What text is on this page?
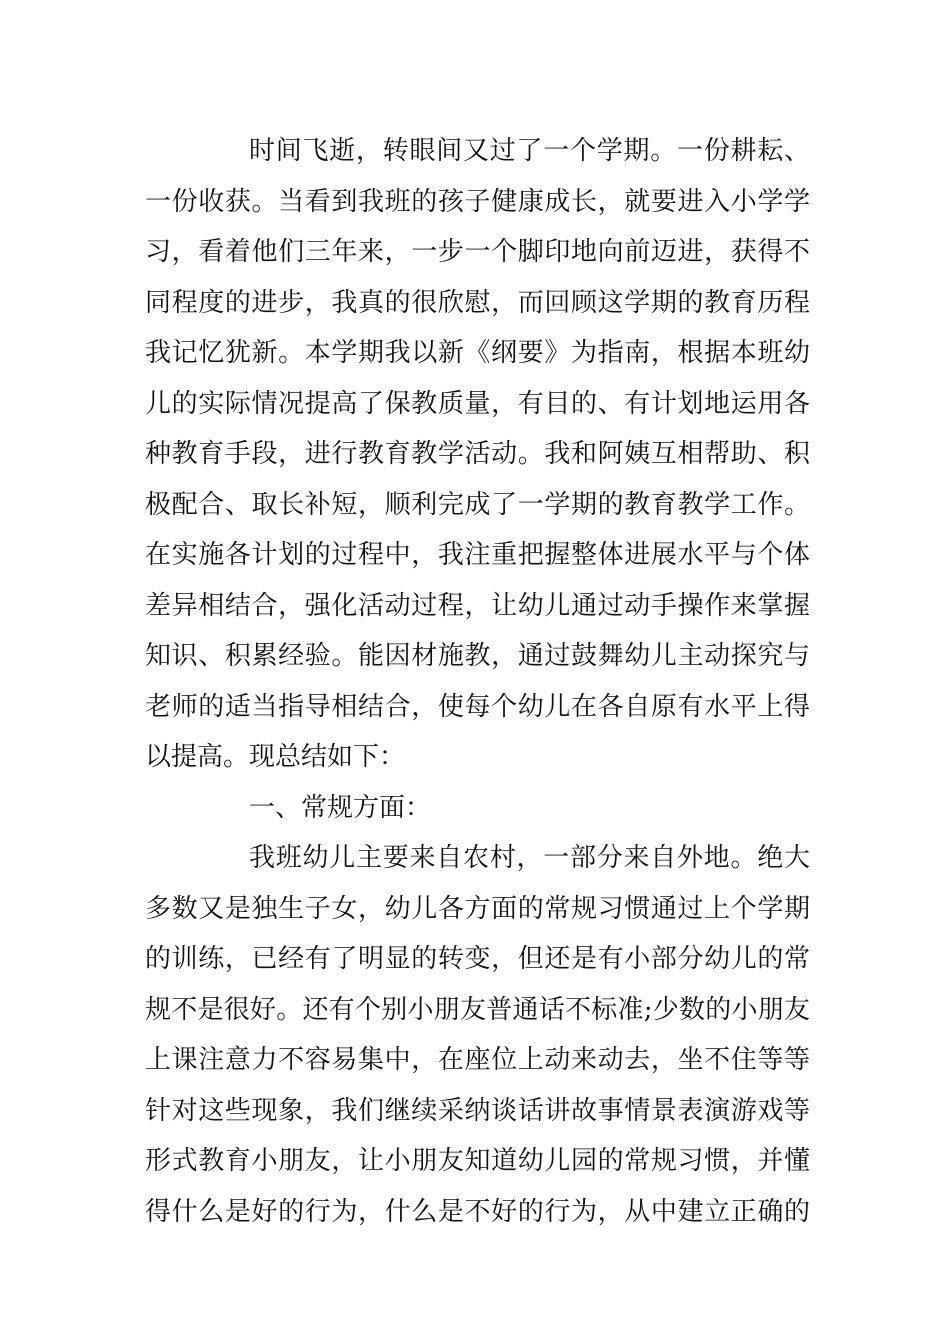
时间飞逝，转眼间又过了一个学期。一份耕耘、
一份收获。当看到我班的孩子健康成长，就要进入小学学
习，看着他们三年来，一步一个脚印地向前迈进，获得不
同程度的进步，我真的很欣慰，而回顾这学期的教育历程
我记忆犹新。本学期我以新《纲要》为指南，根据本班幼
儿的实际情况提高了保教质量，有目的、有计划地运用各
种教育手段，进行教育教学活动。我和阿姨互相帮助、积
极配合、取长补短，顺利完成了一学期的教育教学工作。
在实施各计划的过程中，我注重把握整体进展水平与个体
差异相结合，强化活动过程，让幼儿通过动手操作来掌握
知识、积累经验。能因材施教，通过鼓舞幼儿主动探究与
老师的适当指导相结合，使每个幼儿在各自原有水平上得
以提高。现总结如下：
一、常规方面：
我班幼儿主要来自农村，一部分来自外地。绝大
多数又是独生子女，幼儿各方面的常规习惯通过上个学期
的训练，已经有了明显的转变，但还是有小部分幼儿的常
规不是很好。还有个别小朋友普通话不标准;少数的小朋友
上课注意力不容易集中，在座位上动来动去，坐不住等等
针对这些现象，我们继续采纳谈话讲故事情景表演游戏等
形式教育小朋友，让小朋友知道幼儿园的常规习惯，并懂
得什么是好的行为，什么是不好的行为，从中建立正确的
